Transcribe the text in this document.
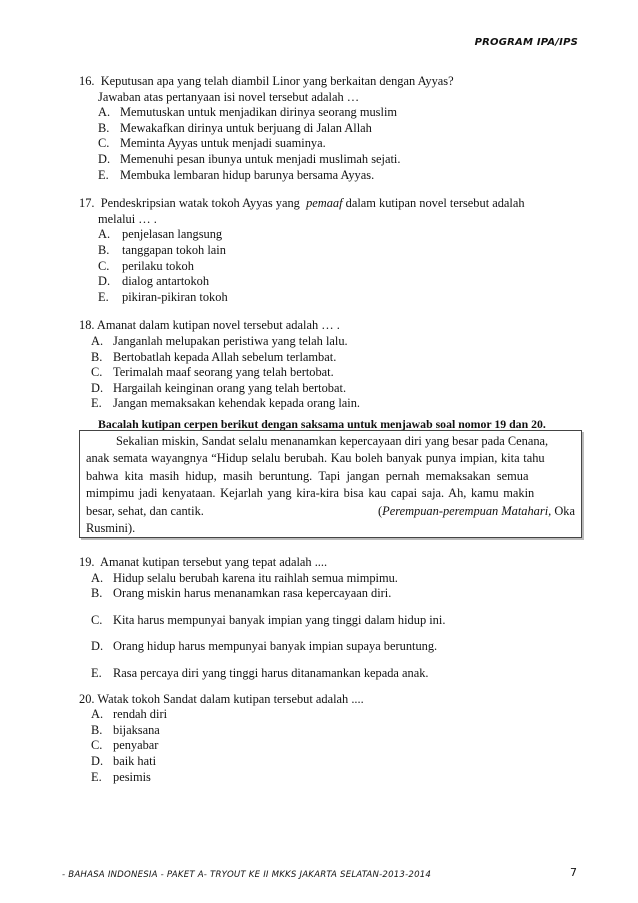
PROGRAM IPA/IPS
16. Keputusan apa yang telah diambil Linor yang berkaitan dengan Ayyas?
Jawaban atas pertanyaan isi novel tersebut adalah …
A. Memutuskan untuk menjadikan dirinya seorang muslim
B. Mewakafkan dirinya untuk berjuang di Jalan Allah
C. Meminta Ayyas untuk menjadi suaminya.
D. Memenuhi pesan ibunya untuk menjadi muslimah sejati.
E. Membuka lembaran hidup barunya bersama Ayyas.
17. Pendeskripsian watak tokoh Ayyas yang pemaaf dalam kutipan novel tersebut adalah
melalui … .
A. penjelasan langsung
B. tanggapan tokoh lain
C. perilaku tokoh
D. dialog antartokoh
E. pikiran-pikiran tokoh
18. Amanat dalam kutipan novel tersebut adalah … .
A. Janganlah melupakan peristiwa yang telah lalu.
B. Bertobatlah kepada Allah sebelum terlambat.
C. Terimalah maaf seorang yang telah bertobat.
D. Hargailah keinginan orang yang telah bertobat.
E. Jangan memaksakan kehendak kepada orang lain.
Bacalah kutipan cerpen berikut dengan saksama untuk menjawab soal nomor 19 dan 20.
Sekalian miskin, Sandat selalu menanamkan kepercayaan diri yang besar pada Cenana,
anak semata wayangnya “Hidup selalu berubah. Kau boleh banyak punya impian, kita tahu
bahwa kita masih hidup, masih beruntung. Tapi jangan pernah memaksakan semua
mimpimu jadi kenyataan. Kejarlah yang kira-kira bisa kau capai saja. Ah, kamu makin
besar, sehat, dan cantik.	(Perempuan-perempuan Matahari, Oka
Rusmini).
19. Amanat kutipan tersebut yang tepat adalah ....
A. Hidup selalu berubah karena itu raihlah semua mimpimu.
B. Orang miskin harus menanamkan rasa kepercayaan diri.
C. Kita harus mempunyai banyak impian yang tinggi dalam hidup ini.
D. Orang hidup harus mempunyai banyak impian supaya beruntung.
E. Rasa percaya diri yang tinggi harus ditanamankan kepada anak.
20. Watak tokoh Sandat dalam kutipan tersebut adalah ....
A. rendah diri
B. bijaksana
C. penyabar
D. baik hati
E. pesimis
- BAHASA INDONESIA - PAKET A- TRYOUT KE II MKKS JAKARTA SELATAN-2013-2014	7
